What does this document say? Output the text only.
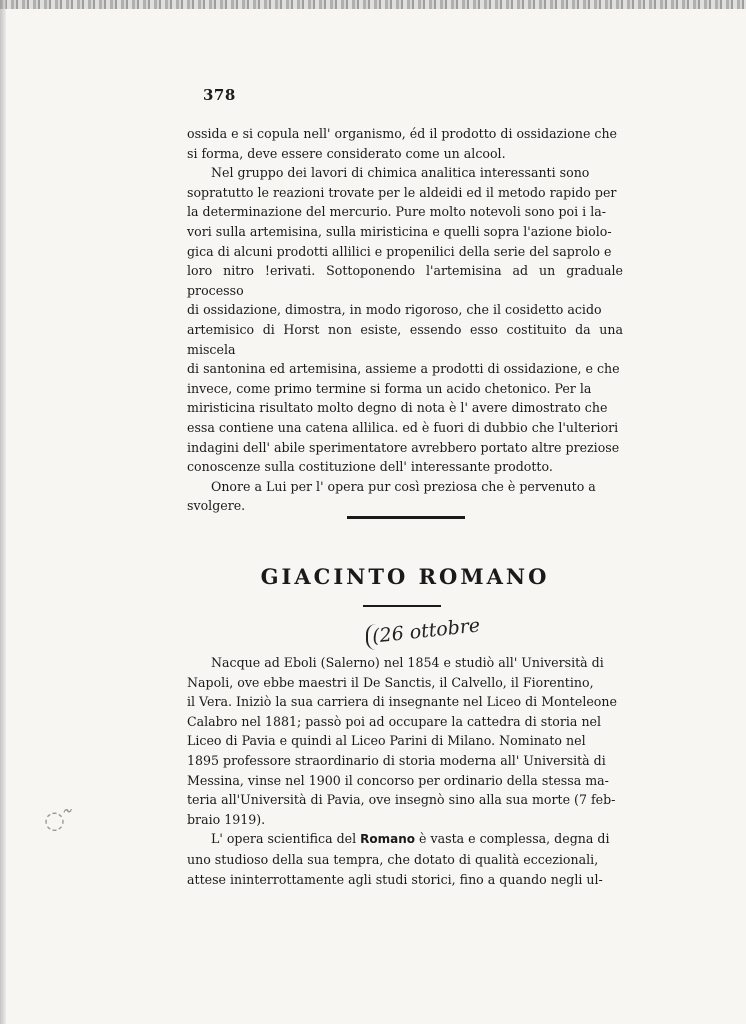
378

ossida e si copula nell' organismo, éd il prodotto di ossidazione che
si forma, deve essere considerato come un alcool.

Nel gruppo dei lavori di chimica analitica interessanti sono
sopratutto le reazioni trovate per le aldeidi ed il metodo rapido per
la determinazione del mercurio. Pure molto notevoli sono poi i la-
vori sulla artemisina, sulla miristicina e quelli sopra l'azione biolo-
gica di alcuni prodotti allilici e propenilici della serie del saprolo e
loro nitro !erivati. Sottoponendo l'artemisina ad un graduale processo
di ossidazione, dimostra, in modo rigoroso, che il cosidetto acido
artemisico di Horst non esiste, essendo esso costituito da una miscela
di santonina ed artemisina, assieme a prodotti di ossidazione, e che
invece, come primo termine si forma un acido chetonico. Per la
miristicina risultato molto degno di nota è l' avere dimostrato che
essa contiene una catena allilica. ed è fuori di dubbio che l'ulteriori
indagini dell' abile sperimentatore avrebbero portato altre preziose
conoscenze sulla costituzione dell' interessante prodotto.

Onore a Lui per l' opera pur così preziosa che è pervenuto a
svolgere.

GIACINTO ROMANO
(26 ottobre

Nacque ad Eboli (Salerno) nel 1854 e studiò all' Università di
Napoli, ove ebbe maestri il De Sanctis, il Calvello, il Fiorentino,
il Vera. Iniziò la sua carriera di insegnante nel Liceo di Monteleone
Calabro nel 1881; passò poi ad occupare la cattedra di storia nel
Liceo di Pavia e quindi al Liceo Parini di Milano. Nominato nel
1895 professore straordinario di storia moderna all' Università di
Messina, vinse nel 1900 il concorso per ordinario della stessa ma-
teria all'Università di Pavia, ove insegnò sino alla sua morte (7 feb-
braio 1919).

L' opera scientifica del Romano è vasta e complessa, degna di
uno studioso della sua tempra, che dotato di qualità eccezionali,
attese ininterrottamente agli studi storici, fino a quando negli ul-

◌ ̃
